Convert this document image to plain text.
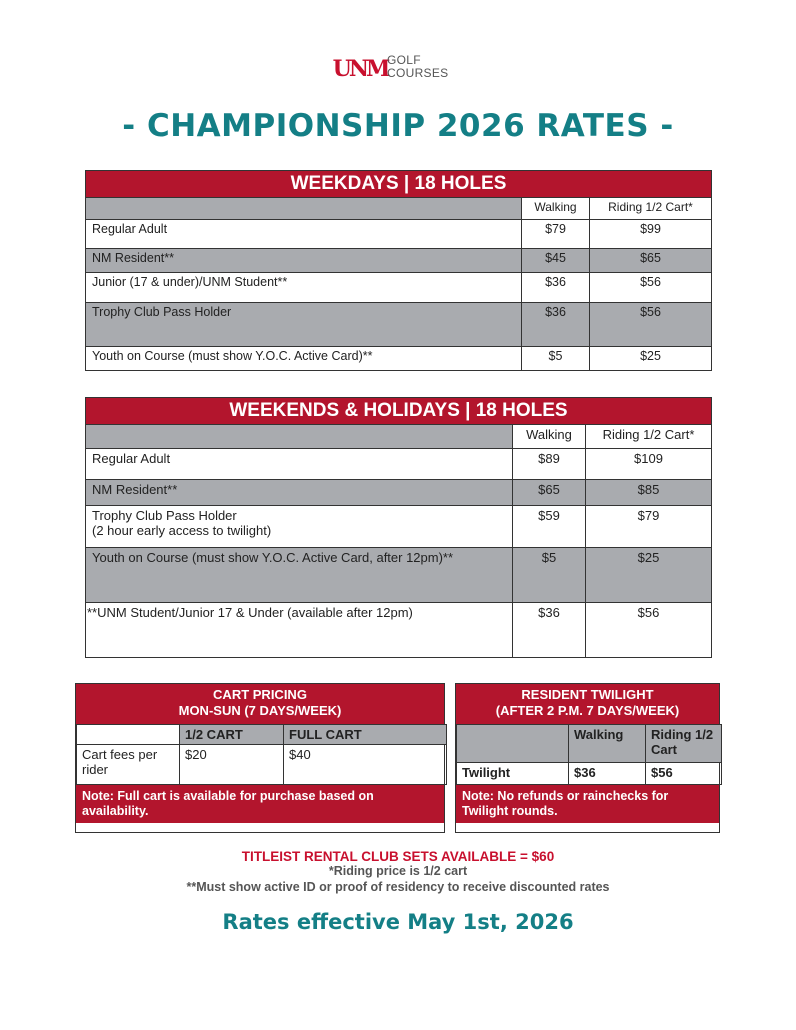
UNM GOLF
COURSES
- CHAMPIONSHIP 2026 RATES -
WEEKDAYS | 18 HOLES		
	Walking	Riding 1/2 Cart*
Regular Adult	$79	$99
NM Resident**	$45	$65
Junior (17 & under)/UNM Student**	$36	$56
Trophy Club Pass Holder	$36	$56
Youth on Course (must show Y.O.C. Active Card)**	$5	$25
WEEKENDS & HOLIDAYS | 18 HOLES		
	Walking	Riding 1/2 Cart*
Regular Adult	$89	$109
NM Resident**	$65	$85

Trophy Club Pass Holder
(2 hour early access to twilight)	$59	$79
Youth on Course (must show Y.O.C. Active Card, after 12pm)**	$5	$25
**UNM Student/Junior 17 & Under (available after 12pm)	$36	$56
CART PRICING
MON-SUN (7 DAYS/WEEK)
	1/2 CART	FULL CART
Cart fees per rider	$20	$40
Note: Full cart is available for purchase based on availability.
RESIDENT TWILIGHT
(AFTER 2 P.M. 7 DAYS/WEEK)
	Walking	Riding 1/2 Cart
Twilight	$36	$56
Note: No refunds or rainchecks for Twilight rounds.
TITLEIST RENTAL CLUB SETS AVAILABLE = $60
*Riding price is 1/2 cart
**Must show active ID or proof of residency to receive discounted rates
Rates effective May 1st, 2026
